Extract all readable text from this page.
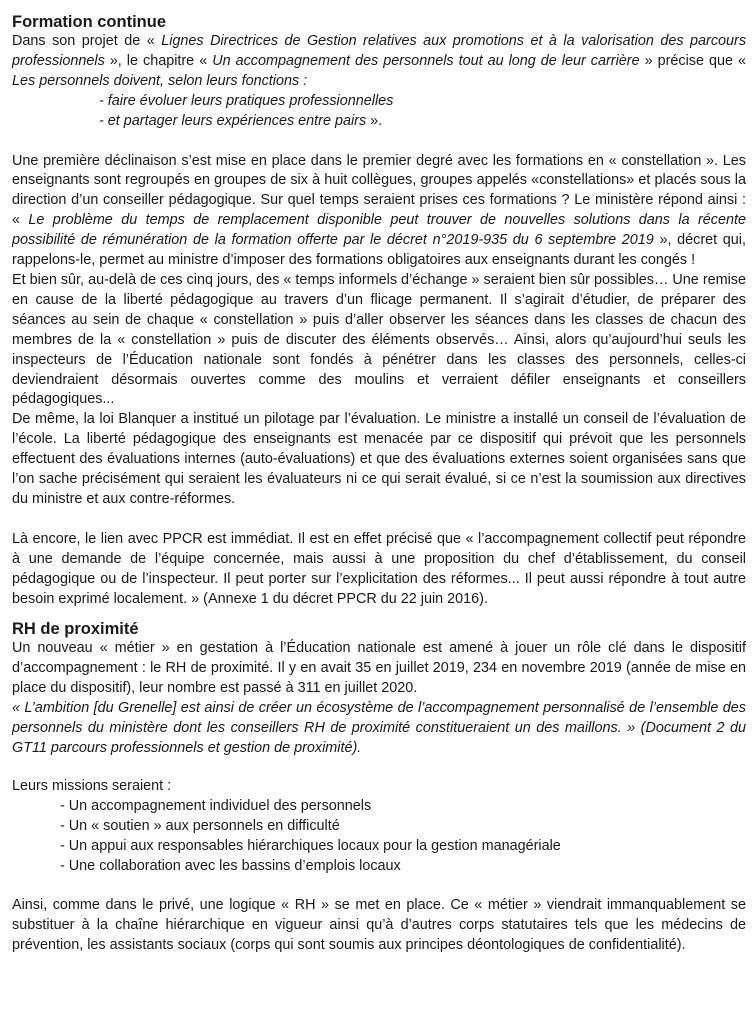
Formation continue

Dans son projet de « Lignes Directrices de Gestion relatives aux promotions et à la valorisation des parcours professionnels », le chapitre « Un accompagnement des personnels tout au long de leur carrière » précise que « Les personnels doivent, selon leurs fonctions :

- faire évoluer leurs pratiques professionnelles

- et partager leurs expériences entre pairs ».

Une première déclinaison s’est mise en place dans le premier degré avec les formations en « constellation ». Les enseignants sont regroupés en groupes de six à huit collègues, groupes appelés «constellations» et placés sous la direction d’un conseiller pédagogique. Sur quel temps seraient prises ces formations ? Le ministère répond ainsi : « Le problème du temps de remplacement disponible peut trouver de nouvelles solutions dans la récente possibilité de rémunération de la formation offerte par le décret n°2019-935 du 6 septembre 2019 », décret qui, rappelons-le, permet au ministre d’imposer des formations obligatoires aux enseignants durant les congés !

Et bien sûr, au-delà de ces cinq jours, des « temps informels d’échange » seraient bien sûr possibles… Une remise en cause de la liberté pédagogique au travers d’un flicage permanent. Il s’agirait d’étudier, de préparer des séances au sein de chaque « constellation » puis d’aller observer les séances dans les classes de chacun des membres de la « constellation » puis de discuter des éléments observés… Ainsi, alors qu’aujourd’hui seuls les inspecteurs de l’Éducation nationale sont fondés à pénétrer dans les classes des personnels, celles-ci deviendraient désormais ouvertes comme des moulins et verraient défiler enseignants et conseillers pédagogiques...

De même, la loi Blanquer a institué un pilotage par l’évaluation. Le ministre a installé un conseil de l’évaluation de l’école. La liberté pédagogique des enseignants est menacée par ce dispositif qui prévoit que les personnels effectuent des évaluations internes (auto-évaluations) et que des évaluations externes soient organisées sans que l’on sache précisément qui seraient les évaluateurs ni ce qui serait évalué, si ce n’est la soumission aux directives du ministre et aux contre-réformes.

Là encore, le lien avec PPCR est immédiat. Il est en effet précisé que « l’accompagnement collectif peut répondre à une demande de l’équipe concernée, mais aussi à une proposition du chef d’établissement, du conseil pédagogique ou de l’inspecteur. Il peut porter sur l’explicitation des réformes... Il peut aussi répondre à tout autre besoin exprimé localement. » (Annexe 1 du décret PPCR du 22 juin 2016).

RH de proximité

Un nouveau « métier » en gestation à l’Éducation nationale est amené à jouer un rôle clé dans le dispositif d’accompagnement : le RH de proximité. Il y en avait 35 en juillet 2019, 234 en novembre 2019 (année de mise en place du dispositif), leur nombre est passé à 311 en juillet 2020.

« L’ambition [du Grenelle] est ainsi de créer un écosystème de l’accompagnement personnalisé de l’ensemble des personnels du ministère dont les conseillers RH de proximité constitueraient un des maillons. » (Document 2 du GT11 parcours professionnels et gestion de proximité).

Leurs missions seraient :

- Un accompagnement individuel des personnels

- Un « soutien » aux personnels en difficulté

- Un appui aux responsables hiérarchiques locaux pour la gestion managériale

- Une collaboration avec les bassins d’emplois locaux

Ainsi, comme dans le privé, une logique « RH » se met en place. Ce « métier » viendrait immanquablement se substituer à la chaîne hiérarchique en vigueur ainsi qu’à d’autres corps statutaires tels que les médecins de prévention, les assistants sociaux (corps qui sont soumis aux principes déontologiques de confidentialité).
